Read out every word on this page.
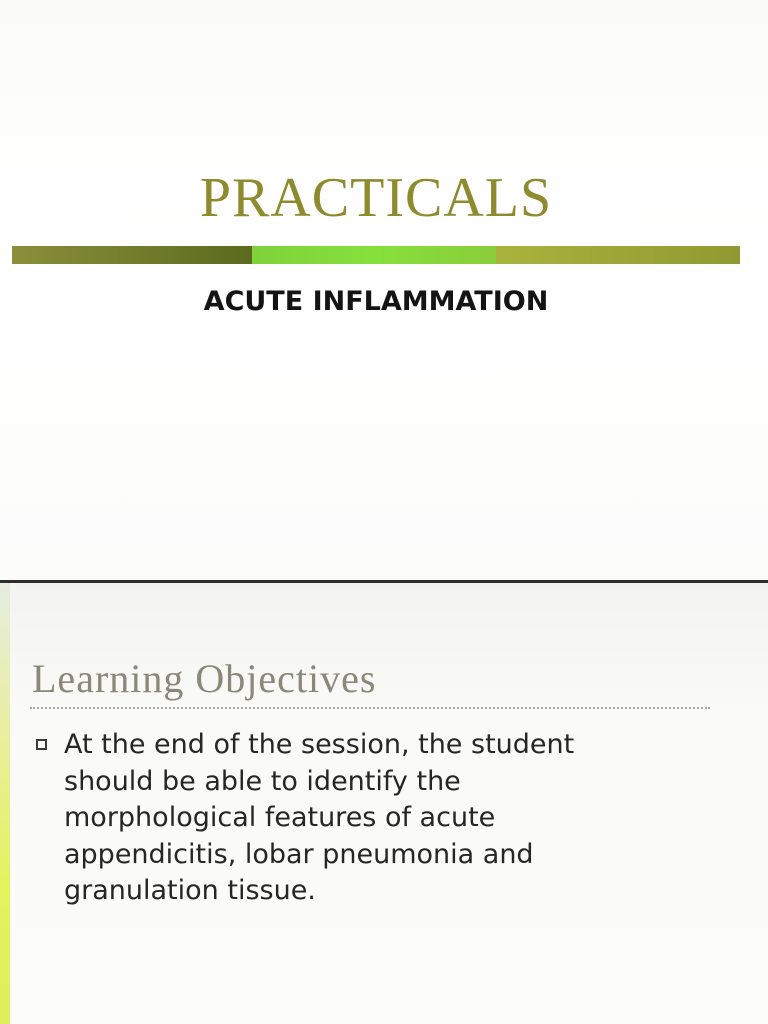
PRACTICALS
ACUTE INFLAMMATION
Learning Objectives
At the end of the session, the student
should be able to identify the
morphological features of acute
appendicitis, lobar pneumonia and
granulation tissue.
